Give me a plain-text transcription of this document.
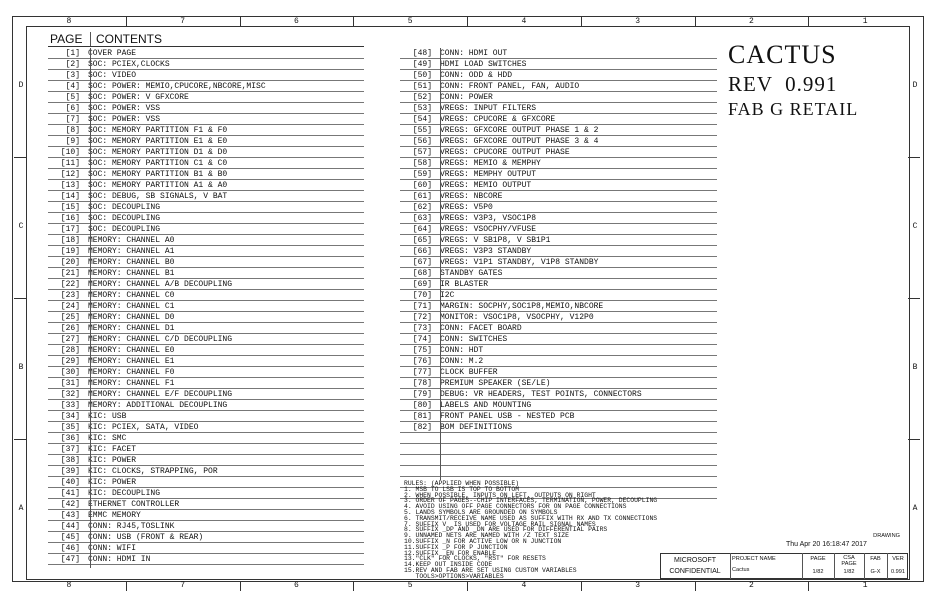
8	7	6	5	4	3	2	1
8	7	6	5	4	3	2	1
D
C
B
A
D
C
B
A
PAGE CONTENTS
[1] COVER PAGE
[2] SOC: PCIEX,CLOCKS
[3] SOC: VIDEO
[4] SOC: POWER: MEMIO,CPUCORE,NBCORE,MISC
[5] SOC: POWER: V GFXCORE
[6] SOC: POWER: VSS
[7] SOC: POWER: VSS
[8] SOC: MEMORY PARTITION F1 & F0
[9] SOC: MEMORY PARTITION E1 & E0
[10] SOC: MEMORY PARTITION D1 & D0
[11] SOC: MEMORY PARTITION C1 & C0
[12] SOC: MEMORY PARTITION B1 & B0
[13] SOC: MEMORY PARTITION A1 & A0
[14] SOC: DEBUG, SB SIGNALS, V BAT
[15] SOC: DECOUPLING
[16] SOC: DECOUPLING
[17] SOC: DECOUPLING
[18] MEMORY: CHANNEL A0
[19] MEMORY: CHANNEL A1
[20] MEMORY: CHANNEL B0
[21] MEMORY: CHANNEL B1
[22] MEMORY: CHANNEL A/B DECOUPLING
[23] MEMORY: CHANNEL C0
[24] MEMORY: CHANNEL C1
[25] MEMORY: CHANNEL D0
[26] MEMORY: CHANNEL D1
[27] MEMORY: CHANNEL C/D DECOUPLING
[28] MEMORY: CHANNEL E0
[29] MEMORY: CHANNEL E1
[30] MEMORY: CHANNEL F0
[31] MEMORY: CHANNEL F1
[32] MEMORY: CHANNEL E/F DECOUPLING
[33] MEMORY: ADDITIONAL DECOUPLING
[34] KIC: USB
[35] KIC: PCIEX, SATA, VIDEO
[36] KIC: SMC
[37] KIC: FACET
[38] KIC: POWER
[39] KIC: CLOCKS, STRAPPING, POR
[40] KIC: POWER
[41] KIC: DECOUPLING
[42] ETHERNET CONTROLLER
[43] EMMC MEMORY
[44] CONN: RJ45,TOSLINK
[45] CONN: USB (FRONT & REAR)
[46] CONN: WIFI
[47] CONN: HDMI IN
[48] CONN: HDMI OUT
[49] HDMI LOAD SWITCHES
[50] CONN: ODD & HDD
[51] CONN: FRONT PANEL, FAN, AUDIO
[52] CONN: POWER
[53] VREGS: INPUT FILTERS
[54] VREGS: CPUCORE & GFXCORE
[55] VREGS: GFXCORE OUTPUT PHASE 1 & 2
[56] VREGS: GFXCORE OUTPUT PHASE 3 & 4
[57] VREGS: CPUCORE OUTPUT PHASE
[58] VREGS: MEMIO & MEMPHY
[59] VREGS: MEMPHY OUTPUT
[60] VREGS: MEMIO OUTPUT
[61] VREGS: NBCORE
[62] VREGS: V5P0
[63] VREGS: V3P3, VSOC1P8
[64] VREGS: VSOCPHY/VFUSE
[65] VREGS: V SB1P8, V SB1P1
[66] VREGS: V3P3 STANDBY
[67] VREGS: V1P1 STANDBY, V1P8 STANDBY
[68] STANDBY GATES
[69] IR BLASTER
[70] I2C
[71] MARGIN: SOCPHY,SOC1P8,MEMIO,NBCORE
[72] MONITOR: VSOC1P8, VSOCPHY, V12P0
[73] CONN: FACET BOARD
[74] CONN: SWITCHES
[75] CONN: HDT
[76] CONN: M.2
[77] CLOCK BUFFER
[78] PREMIUM SPEAKER (SE/LE)
[79] DEBUG: VR HEADERS, TEST POINTS, CONNECTORS
[80] LABELS AND MOUNTING
[81] FRONT PANEL USB - NESTED PCB
[82] BOM DEFINITIONS
CACTUS
REV  0.991
FAB G RETAIL
RULES: (APPLIED WHEN POSSIBLE)
1. MSB TO LSB IS TOP TO BOTTOM
2. WHEN POSSIBLE, INPUTS ON LEFT, OUTPUTS ON RIGHT
3. ORDER OF PAGES--CHIP INTERFACES, TERMINATION, POWER, DECOUPLING
4. AVOID USING OFF PAGE CONNECTORS FOR ON PAGE CONNECTIONS
5. LANDS SYMBOLS ARE GROUNDED ON SYMBOLS
6. TRANSMIT/RECEIVE NAME USED AS SUFFIX WITH RX AND TX CONNECTIONS
7. SUFFIX V  IS USED FOR VOLTAGE RAIL SIGNAL NAMES
8. SUFFIX _DP AND _DN ARE USED FOR DIFFERENTIAL PAIRS
9. UNNAMED NETS ARE NAMED WITH /Z TEXT SIZE
10.SUFFIX _N FOR ACTIVE LOW OR N JUNCTION
11.SUFFIX _P FOR P JUNCTION
12.SUFFIX _EN FOR ENABLE
13."CLK" FOR CLOCKS, "RST" FOR RESETS
14.KEEP OUT INSIDE CODE
15.REV AND FAB ARE SET USING CUSTOM VARIABLES
TOOLS>OPTIONS>VARIABLES
DRAWING
Thu Apr 20 16:18:47 2017
MICROSOFT
CONFIDENTIAL
PROJECT NAME
Cactus
PAGE
1/82
CSA PAGE
1/82
FAB
G-X
VER
0.991
